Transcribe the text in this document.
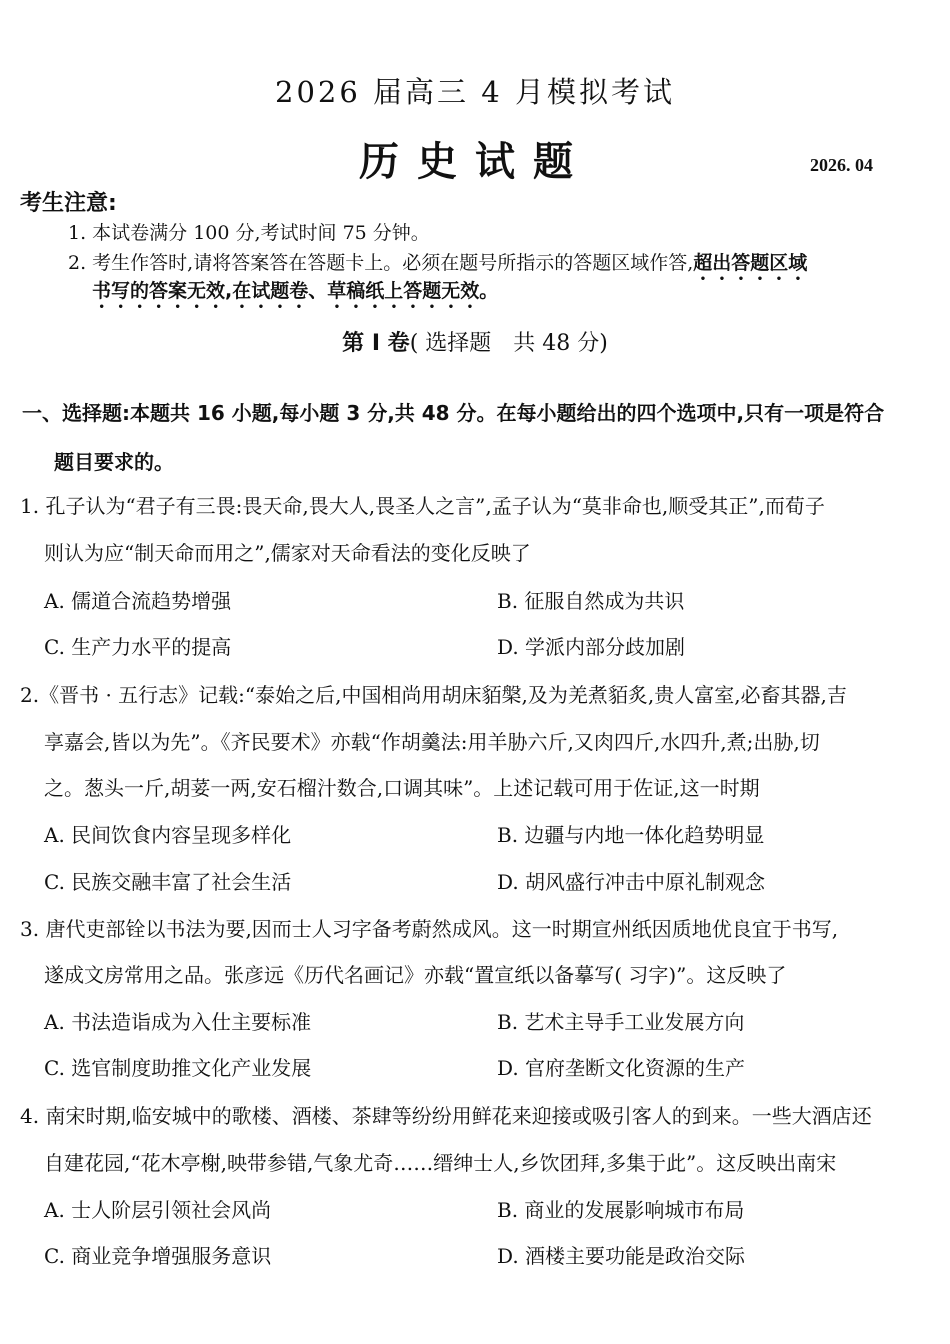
2026 届高三 4 月模拟考试
历史试题	2026. 04
考生注意:
1. 本试卷满分 100 分,考试时间 75 分钟。
2. 考生作答时,请将答案答在答题卡上。必须在题号所指示的答题区域作答,超出答题区域
书写的答案无效,在试题卷、草稿纸上答题无效。
第 I 卷( 选择题　共 48 分)
一、选择题:本题共 16 小题,每小题 3 分,共 48 分。在每小题给出的四个选项中,只有一项是符合
题目要求的。
1. 孔子认为“君子有三畏:畏天命,畏大人,畏圣人之言”,孟子认为“莫非命也,顺受其正”,而荀子
则认为应“制天命而用之”,儒家对天命看法的变化反映了
A. 儒道合流趋势增强	B. 征服自然成为共识
C. 生产力水平的提高	D. 学派内部分歧加剧
2.《晋书 · 五行志》记载:“泰始之后,中国相尚用胡床貊槃,及为羌煮貊炙,贵人富室,必畜其器,吉
享嘉会,皆以为先”。《齐民要术》亦载“作胡羹法:用羊胁六斤,又肉四斤,水四升,煮;出胁,切
之。葱头一斤,胡荽一两,安石榴汁数合,口调其味”。上述记载可用于佐证,这一时期
A. 民间饮食内容呈现多样化	B. 边疆与内地一体化趋势明显
C. 民族交融丰富了社会生活	D. 胡风盛行冲击中原礼制观念
3. 唐代吏部铨以书法为要,因而士人习字备考蔚然成风。这一时期宣州纸因质地优良宜于书写,
遂成文房常用之品。张彦远《历代名画记》亦载“置宣纸以备摹写( 习字)”。这反映了
A. 书法造诣成为入仕主要标准	B. 艺术主导手工业发展方向
C. 选官制度助推文化产业发展	D. 官府垄断文化资源的生产
4. 南宋时期,临安城中的歌楼、酒楼、茶肆等纷纷用鲜花来迎接或吸引客人的到来。一些大酒店还
自建花园,“花木亭榭,映带参错,气象尤奇……缙绅士人,乡饮团拜,多集于此”。这反映出南宋
A. 士人阶层引领社会风尚	B. 商业的发展影响城市布局
C. 商业竞争增强服务意识	D. 酒楼主要功能是政治交际
